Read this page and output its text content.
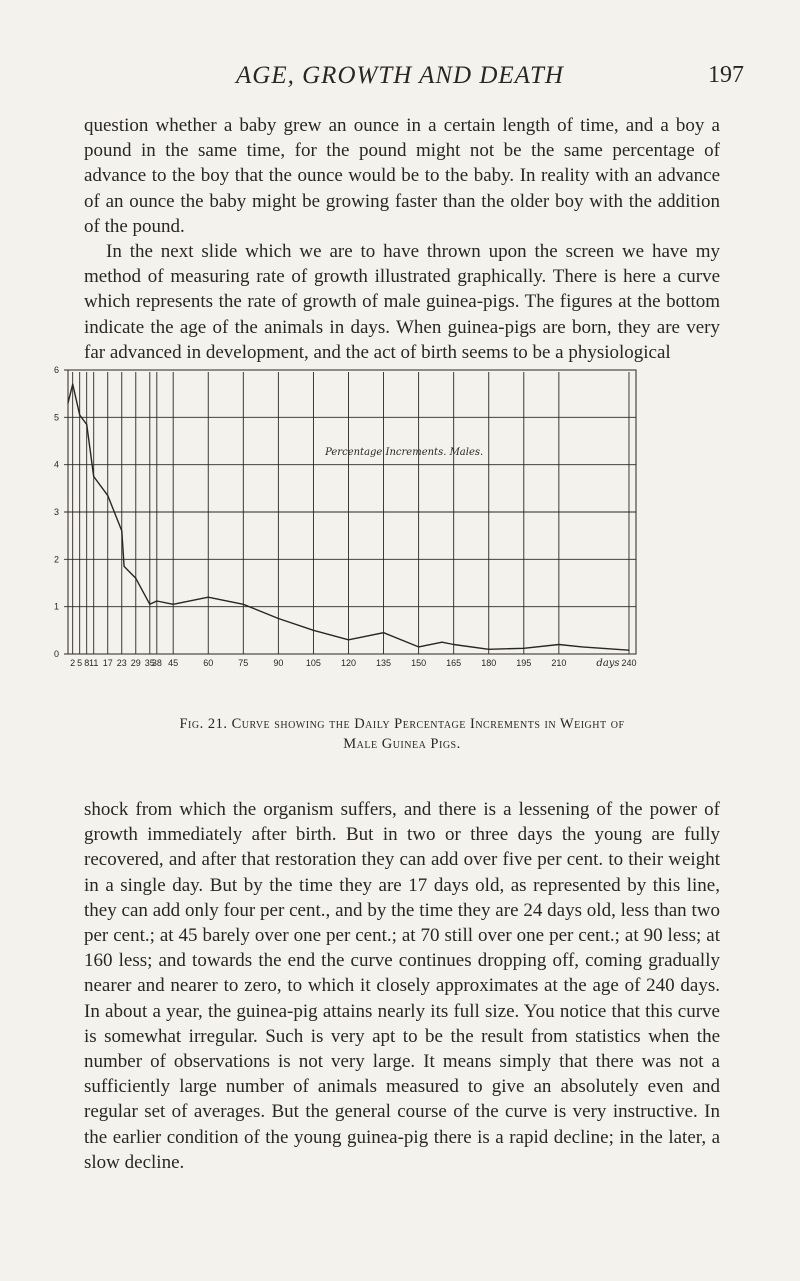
AGE, GROWTH AND DEATH	197

question whether a baby grew an ounce in a certain length of time, and a boy a pound in the same time, for the pound might not be the same percentage of advance to the boy that the ounce would be to the baby. In reality with an advance of an ounce the baby might be growing faster than the older boy with the addition of the pound.

In the next slide which we are to have thrown upon the screen we have my method of measuring rate of growth illustrated graphically. There is here a curve which represents the rate of growth of male guinea-pigs. The figures at the bottom indicate the age of the animals in days. When guinea-pigs are born, they are very far advanced in development, and the act of birth seems to be a physiological

0
1
2
3
4
5
6
2 5 8 11 17 23 29 35
38 45	60	75	90	105 120 135 150 165 180 195 210	240
days
Percentage Increments. Males.
Fig. 21. Curve showing the Daily Percentage Increments in Weight of
Male Guinea Pigs.

shock from which the organism suffers, and there is a lessening of the power of growth immediately after birth. But in two or three days the young are fully recovered, and after that restoration they can add over five per cent. to their weight in a single day. But by the time they are 17 days old, as represented by this line, they can add only four per cent., and by the time they are 24 days old, less than two per cent.; at 45 barely over one per cent.; at 70 still over one per cent.; at 90 less; at 160 less; and towards the end the curve continues dropping off, coming gradually nearer and nearer to zero, to which it closely approximates at the age of 240 days. In about a year, the guinea-pig attains nearly its full size. You notice that this curve is somewhat irregular. Such is very apt to be the result from statistics when the number of observations is not very large. It means simply that there was not a sufficiently large number of animals measured to give an absolutely even and regular set of averages. But the general course of the curve is very instructive. In the earlier condition of the young guinea-pig there is a rapid decline; in the later, a slow decline.
